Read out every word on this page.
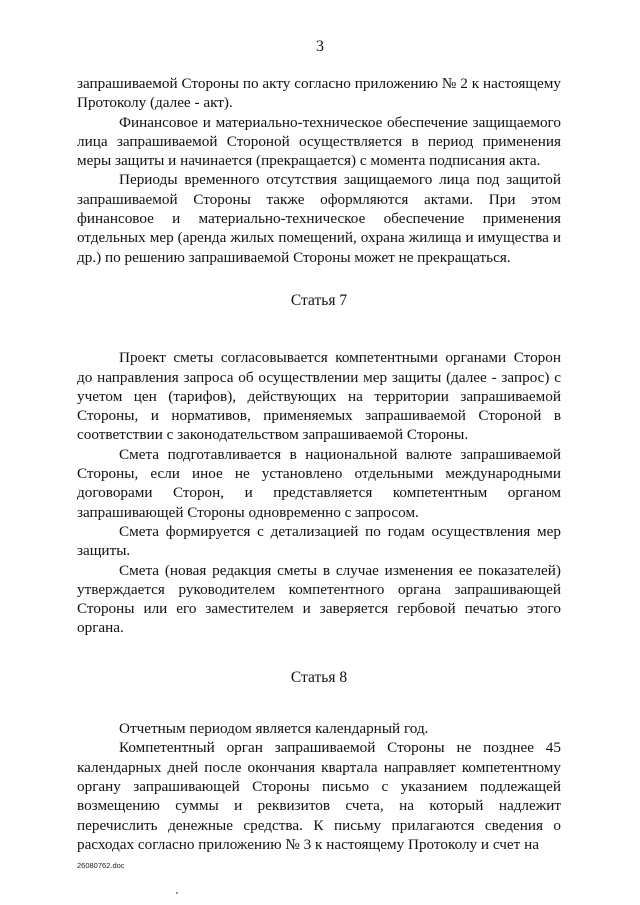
3

запрашиваемой Стороны по акту согласно приложению № 2 к настоящему Протоколу (далее - акт).

Финансовое и материально-техническое обеспечение защищаемого лица запрашиваемой Стороной осуществляется в период применения меры защиты и начинается (прекращается) с момента подписания акта.

Периоды временного отсутствия защищаемого лица под защитой запрашиваемой Стороны также оформляются актами. При этом финансовое и материально-техническое обеспечение применения отдельных мер (аренда жилых помещений, охрана жилища и имущества и др.) по решению запрашиваемой Стороны может не прекращаться.

Статья 7

Проект сметы согласовывается компетентными органами Сторон до направления запроса об осуществлении мер защиты (далее - запрос) с учетом цен (тарифов), действующих на территории запрашиваемой Стороны, и нормативов, применяемых запрашиваемой Стороной в соответствии с законодательством запрашиваемой Стороны.

Смета подготавливается в национальной валюте запрашиваемой Стороны, если иное не установлено отдельными международными договорами Сторон, и представляется компетентным органом запрашивающей Стороны одновременно с запросом.

Смета формируется с детализацией по годам осуществления мер защиты.

Смета (новая редакция сметы в случае изменения ее показателей) утверждается руководителем компетентного органа запрашивающей Стороны или его заместителем и заверяется гербовой печатью этого органа.

Статья 8

Отчетным периодом является календарный год.

Компетентный орган запрашиваемой Стороны не позднее 45 календарных дней после окончания квартала направляет компетентному органу запрашивающей Стороны письмо с указанием подлежащей возмещению суммы и реквизитов счета, на который надлежит перечислить денежные средства. К письму прилагаются сведения о расходах согласно приложению № 3 к настоящему Протоколу и счет на

26080762.doc
